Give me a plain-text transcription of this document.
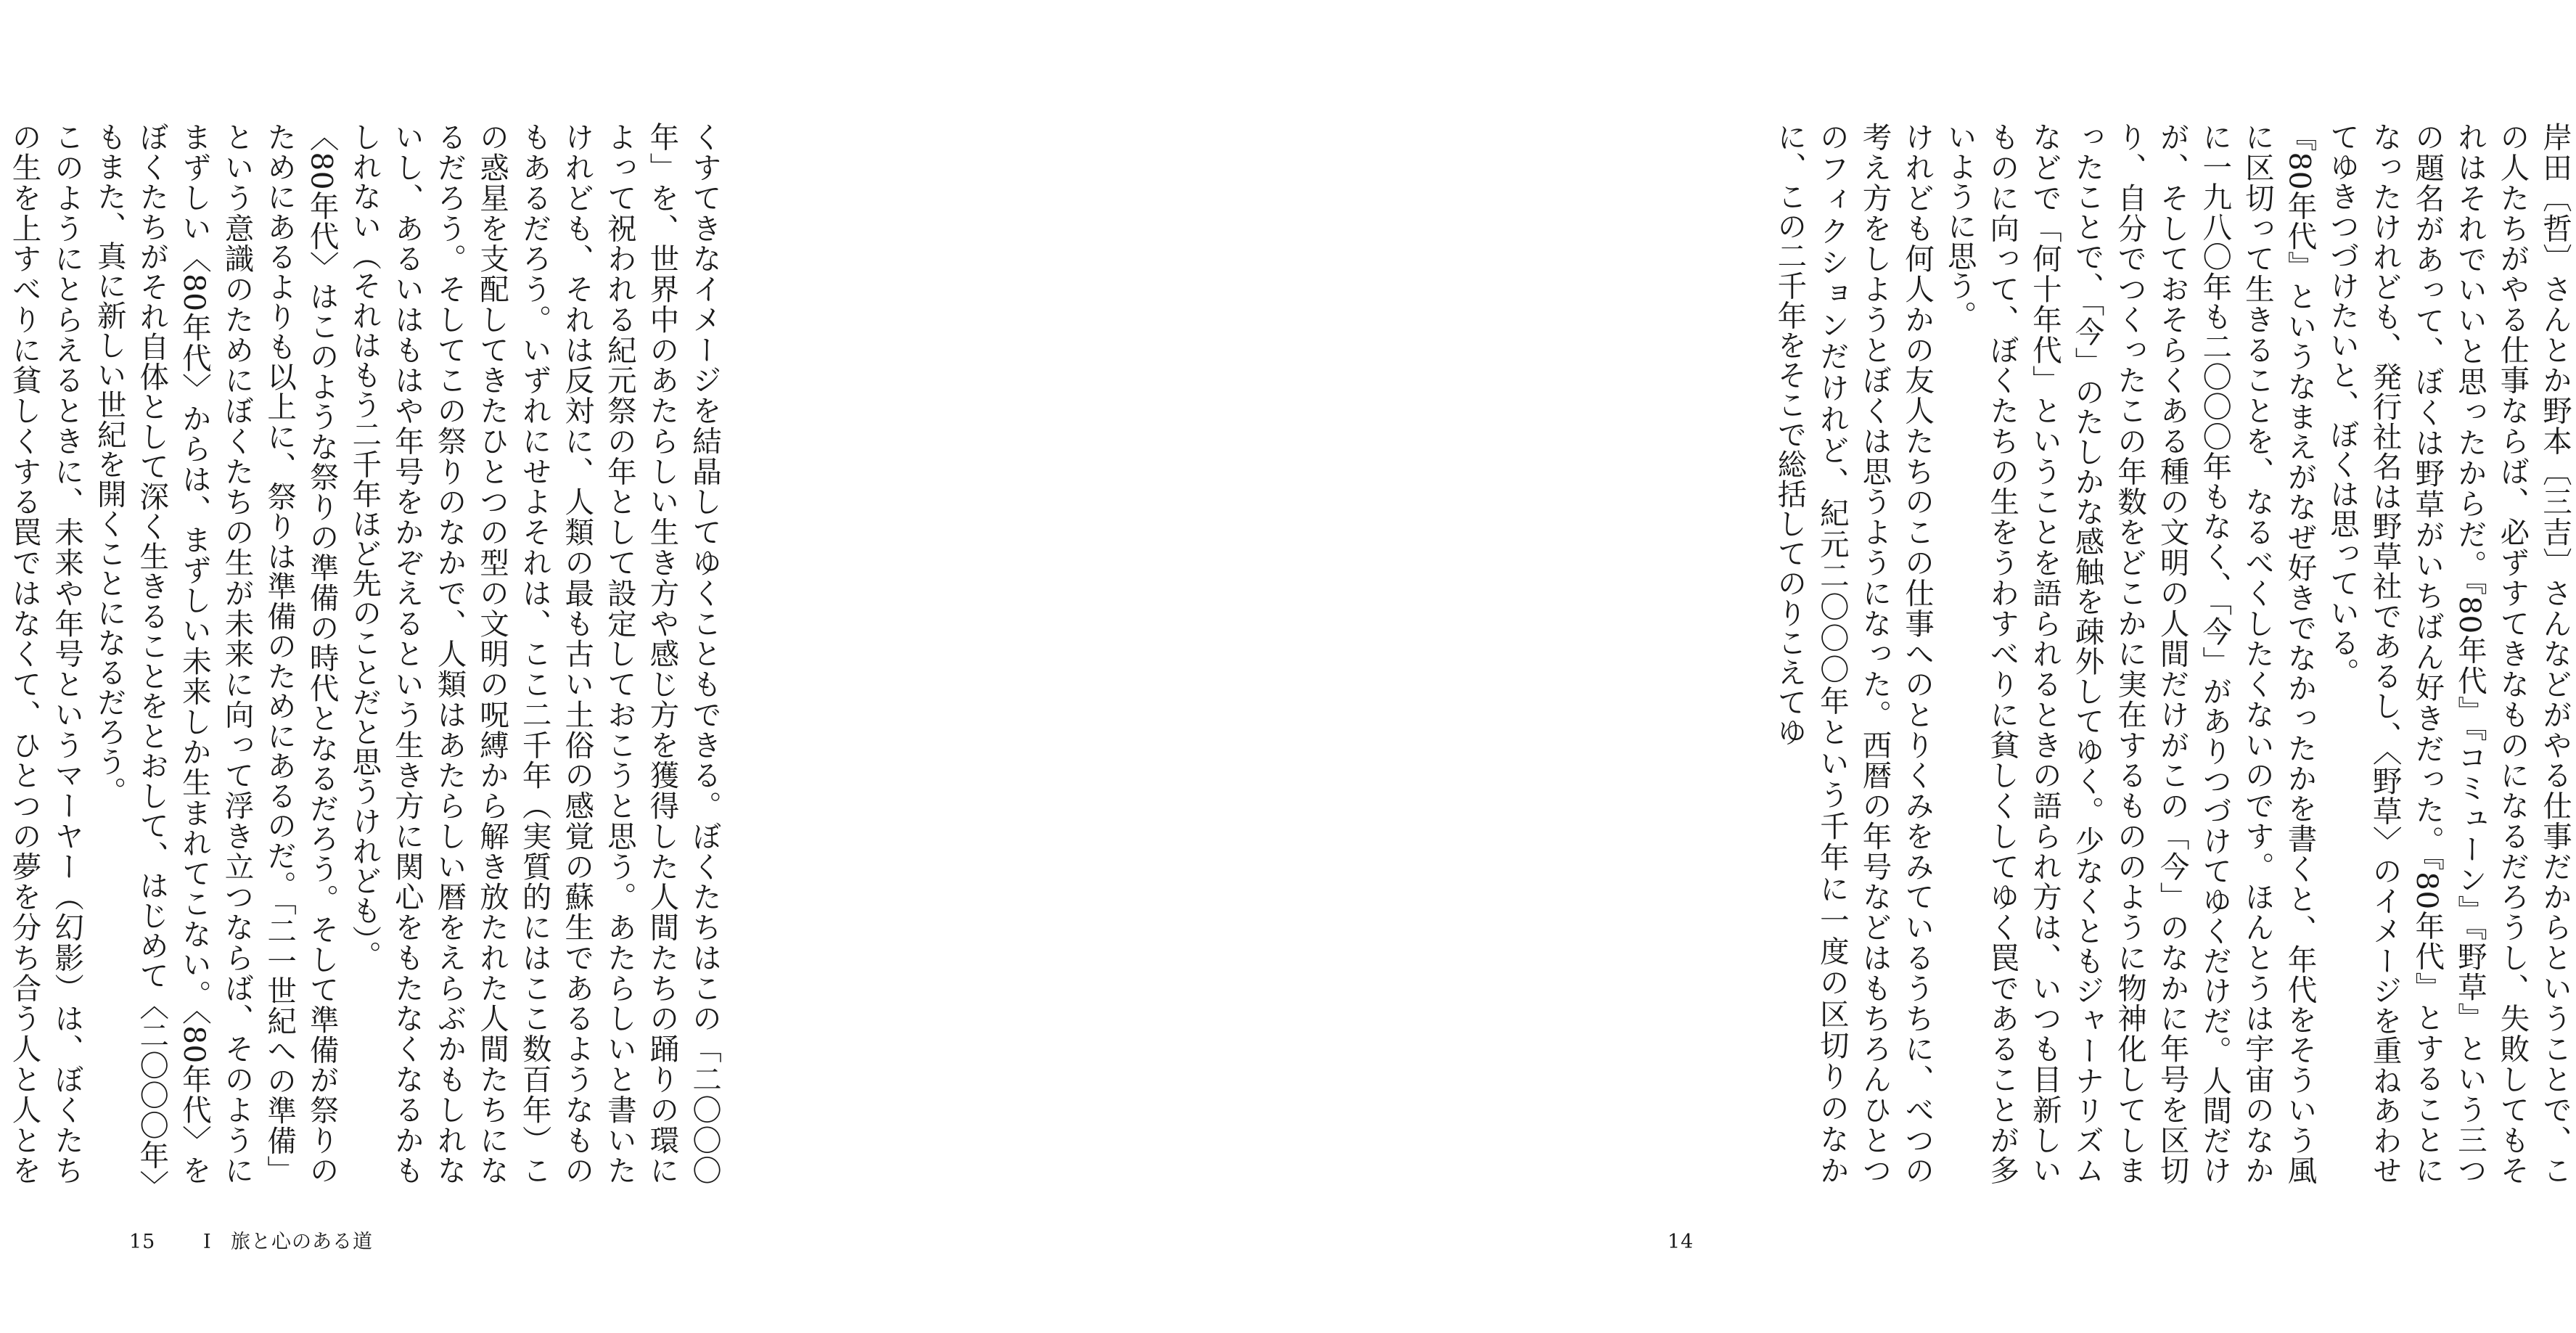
岸田〔哲〕さんとか野本〔三吉〕さんなどがやる仕事だからということで、この人たちがやる仕事ならば、必ずすてきなものになるだろうし、失敗してもそれはそれでいいと思ったからだ。『80年代』『コミューン』『野草』という三つの題名があって、ぼくは野草がいちばん好きだった。『80年代』とすることになったけれども、発行社名は野草社であるし、〈野草〉のイメージを重ねあわせてゆきつづけたいと、ぼくは思っている。

『80年代』というなまえがなぜ好きでなかったかを書くと、年代をそういう風に区切って生きることを、なるべくしたくないのです。ほんとうは宇宙のなかに一九八〇年も二〇〇〇年もなく、「今」がありつづけてゆくだけだ。人間だけが、そしておそらくある種の文明の人間だけがこの「今」のなかに年号を区切り、自分でつくったこの年数をどこかに実在するもののように物神化してしまったことで、「今」のたしかな感触を疎外してゆく。少なくともジャーナリズムなどで「何十年代」ということを語られるときの語られ方は、いつも目新しいものに向って、ぼくたちの生をうわすべりに貧しくしてゆく罠であることが多いように思う。

けれども何人かの友人たちのこの仕事へのとりくみをみているうちに、べつの考え方をしようとぼくは思うようになった。西暦の年号などはもちろんひとつのフィクションだけれど、紀元二〇〇〇年という千年に一度の区切りのなかに、この二千年をそこで総括してのりこえてゆ

14

くすてきなイメージを結晶してゆくこともできる。ぼくたちはこの「二〇〇〇年」を、世界中のあたらしい生き方や感じ方を獲得した人間たちの踊りの環によって祝われる紀元祭の年として設定しておこうと思う。あたらしいと書いたけれども、それは反対に、人類の最も古い土俗の感覚の蘇生であるようなものもあるだろう。いずれにせよそれは、ここ二千年（実質的にはここ数百年）この惑星を支配してきたひとつの型の文明の呪縛から解き放たれた人間たちになるだろう。そしてこの祭りのなかで、人類はあたらしい暦をえらぶかもしれないし、あるいはもはや年号をかぞえるという生き方に関心をもたなくなるかもしれない（それはもう二千年ほど先のことだと思うけれども）。

〈80年代〉はこのような祭りの準備の時代となるだろう。そして準備が祭りのためにあるよりも以上に、祭りは準備のためにあるのだ。「二一世紀への準備」という意識のためにぼくたちの生が未来に向って浮き立つならば、そのようにまずしい〈80年代〉からは、まずしい未来しか生まれてこない。〈80年代〉をぼくたちがそれ自体として深く生きることをとおして、はじめて〈二〇〇〇年〉もまた、真に新しい世紀を開くことになるだろう。

このようにとらえるときに、未来や年号というマーヤー（幻影）は、ぼくたちの生を上すべりに貧しくする罠ではなくて、ひとつの夢を分ち合う人と人とを

15 I 旅と心のある道
